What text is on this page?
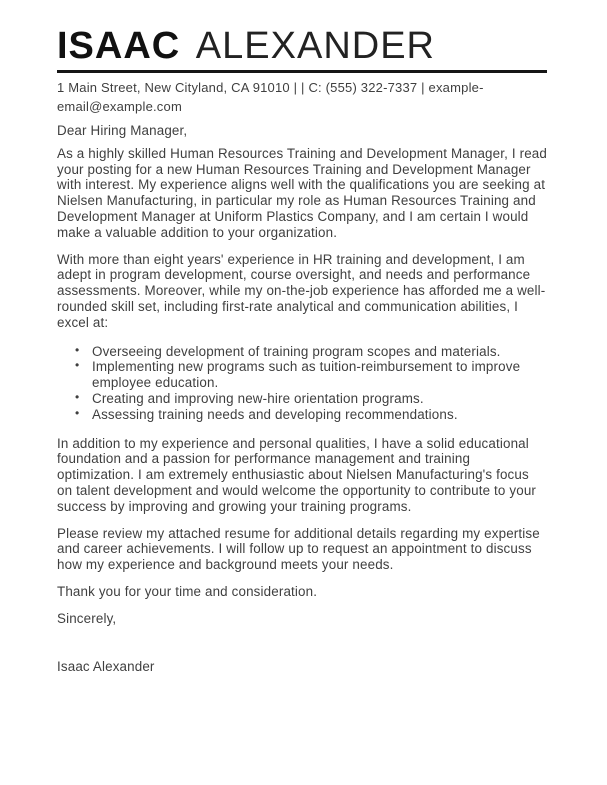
ISAAC ALEXANDER

1 Main Street, New Cityland, CA 91010 | | C: (555) 322-7337 | example-
email@example.com

Dear Hiring Manager,

As a highly skilled Human Resources Training and Development Manager, I read your posting for a new Human Resources Training and Development Manager with interest. My experience aligns well with the qualifications you are seeking at Nielsen Manufacturing, in particular my role as Human Resources Training and Development Manager at Uniform Plastics Company, and I am certain I would make a valuable addition to your organization.

With more than eight years' experience in HR training and development, I am adept in program development, course oversight, and needs and performance assessments. Moreover, while my on-the-job experience has afforded me a well-rounded skill set, including first-rate analytical and communication abilities, I excel at:

• Overseeing development of training program scopes and materials.
• Implementing new programs such as tuition-reimbursement to improve employee education.
• Creating and improving new-hire orientation programs.
• Assessing training needs and developing recommendations.

In addition to my experience and personal qualities, I have a solid educational foundation and a passion for performance management and training optimization. I am extremely enthusiastic about Nielsen Manufacturing's focus on talent development and would welcome the opportunity to contribute to your success by improving and growing your training programs.

Please review my attached resume for additional details regarding my expertise and career achievements. I will follow up to request an appointment to discuss how my experience and background meets your needs.

Thank you for your time and consideration.

Sincerely,

Isaac Alexander
